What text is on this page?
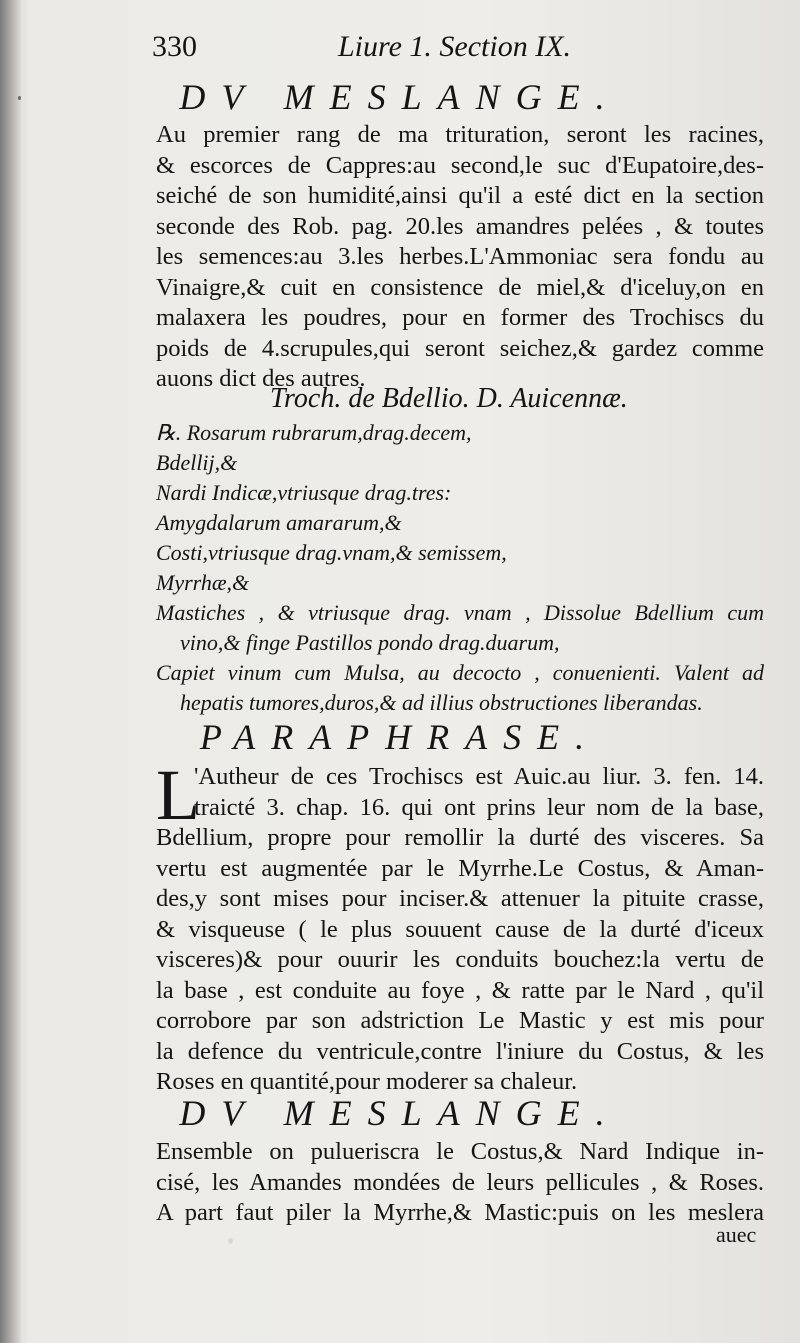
330	Liure 1. Section IX.
DV MESLANGE.
Au premier rang de ma trituration, seront les racines,
& escorces de Cappres:au second,le suc d'Eupatoire,des-
seiché de son humidité,ainsi qu'il a esté dict en la section
seconde des Rob. pag. 20.les amandres pelées , & toutes
les semences:au 3.les herbes.L'Ammoniac sera fondu au
Vinaigre,& cuit en consistence de miel,& d'iceluy,on en
malaxera les poudres, pour en former des Trochiscs du
poids de 4.scrupules,qui seront seichez,& gardez comme
auons dict des autres.
Troch. de Bdellio. D. Auicennæ.
℞. Rosarum rubrarum,drag.decem,
Bdellij,&
Nardi Indicæ,vtriusque drag.tres:
Amygdalarum amararum,&
Costi,vtriusque drag.vnam,& semissem,
Myrrhæ,&
Mastiches , & vtriusque drag. vnam , Dissolue Bdellium cum
vino,& finge Pastillos pondo drag.duarum,
Capiet vinum cum Mulsa, au decocto , conuenienti. Valent ad
hepatis tumores,duros,& ad illius obstructiones liberandas.
PARAPHRASE.
L
'Autheur de ces Trochiscs est Auic.au liur. 3. fen. 14.
traicté 3. chap. 16. qui ont prins leur nom de la base,
Bdellium, propre pour remollir la durté des visceres. Sa
vertu est augmentée par le Myrrhe.Le Costus, & Aman-
des,y sont mises pour inciser.& attenuer la pituite crasse,
& visqueuse ( le plus souuent cause de la durté d'iceux
visceres)& pour ouurir les conduits bouchez:la vertu de
la base , est conduite au foye , & ratte par le Nard , qu'il
corrobore par son adstriction Le Mastic y est mis pour
la defence du ventricule,contre l'iniure du Costus, & les
Roses en quantité,pour moderer sa chaleur.
DV MESLANGE.
Ensemble on pulueriscra le Costus,& Nard Indique in-
cisé, les Amandes mondées de leurs pellicules , & Roses.
A part faut piler la Myrrhe,& Mastic:puis on les meslera
auec
